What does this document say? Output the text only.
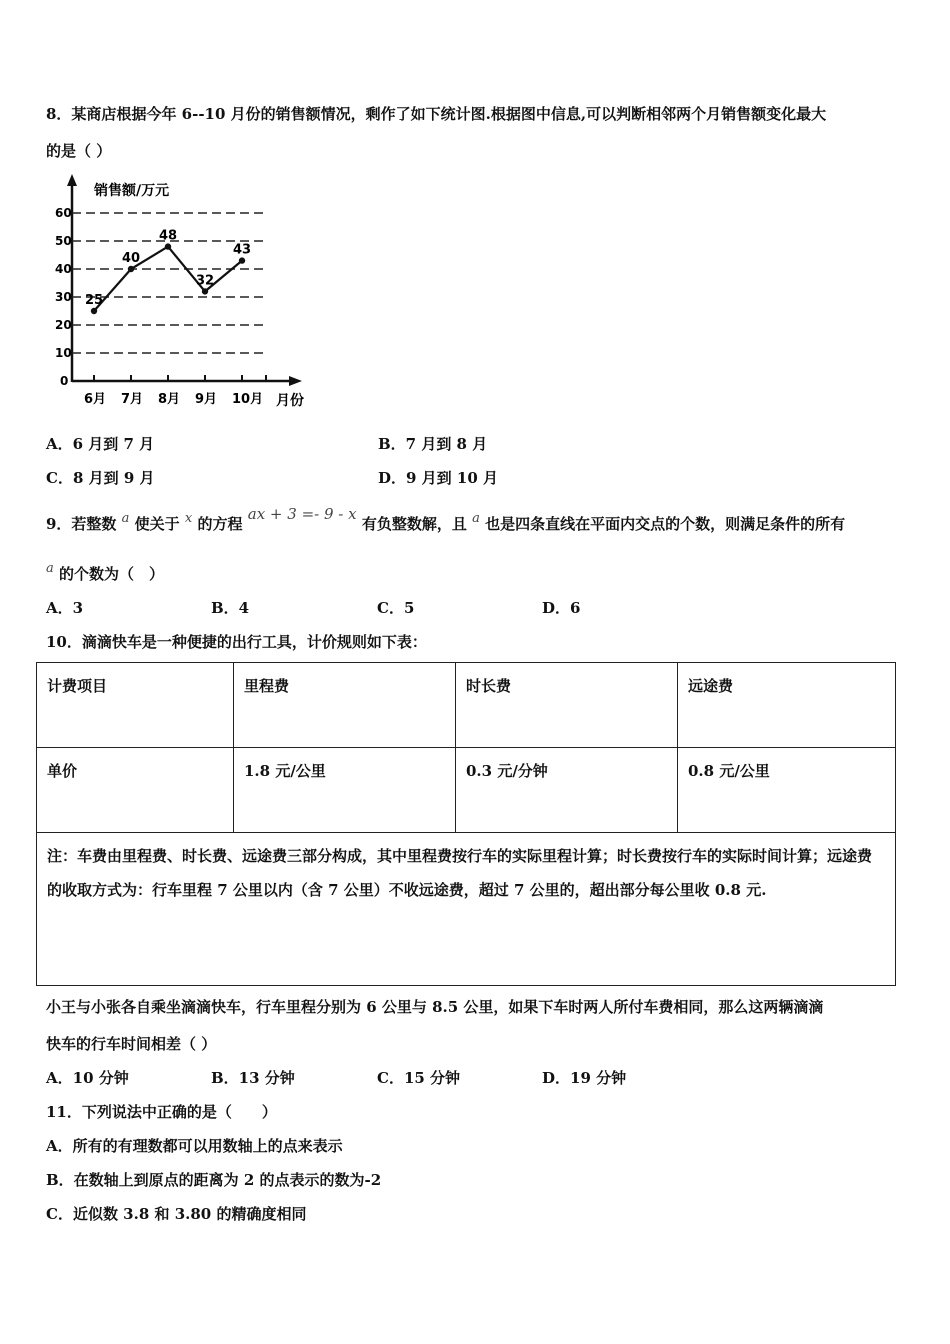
8．某商店根据今年 6--10 月份的销售额情况，剩作了如下统计图.根据图中信息,可以判断相邻两个月销售额变化最大
的是（ ）
10
20
30
40
50
60
6月 7月 8月 9月 10月
25
40
48
32
43
销售额/万元
月份
0
A．6 月到 7 月	B．7 月到 8 月
C．8 月到 9 月	D．9 月到 10 月
9．若整数 a 使关于 x 的方程 ax + 3 =- 9 - x 有负整数解，且 a 也是四条直线在平面内交点的个数，则满足条件的所有
a 的个数为（　）
A．3	B．4	C．5	D．6
10．滴滴快车是一种便捷的出行工具，计价规则如下表：
计费项目	里程费	时长费	远途费
单价	1.8 元/公里	0.3 元/分钟	0.8 元/公里
注：车费由里程费、时长费、远途费三部分构成，其中里程费按行车的实际里程计算；时长费按行车的实际时间计算；远途费的收取方式为：行车里程 7 公里以内（含 7 公里）不收远途费，超过 7 公里的，超出部分每公里收 0.8 元.			
小王与小张各自乘坐滴滴快车，行车里程分别为 6 公里与 8.5 公里，如果下车时两人所付车费相同，那么这两辆滴滴
快车的行车时间相差（ ）
A．10 分钟	B．13 分钟	C．15 分钟	D．19 分钟
11．下列说法中正确的是（　　）
A．所有的有理数都可以用数轴上的点来表示
B．在数轴上到原点的距离为 2 的点表示的数为-2
C．近似数 3.8 和 3.80 的精确度相同
